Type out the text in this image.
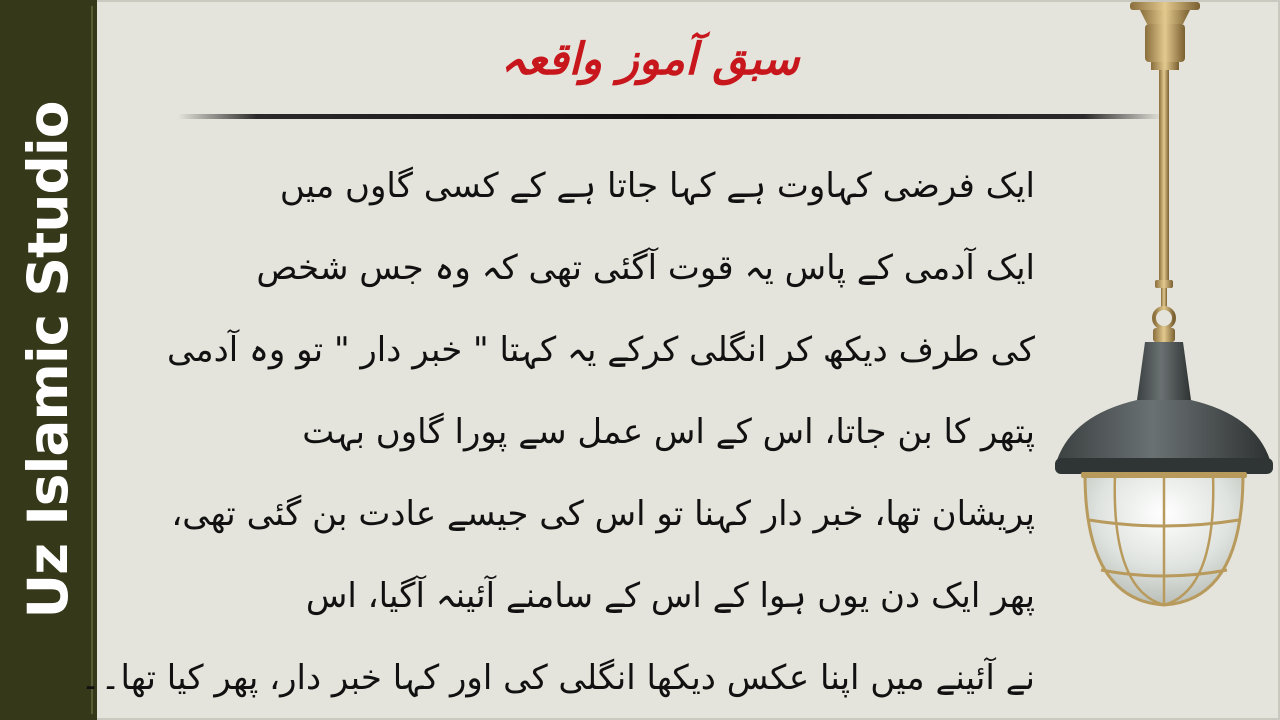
Uz Islamic Studio
سبق آموز واقعہ
ایک فرضی کہاوت ہے کہا جاتا ہے کے کسی گاوں میں
ایک آدمی کے پاس یہ قوت آگئی تھی کہ وہ جس شخص
کی طرف دیکھ کر انگلی کرکے یہ کہتا " خبر دار " تو وہ آدمی
پتھر کا بن جاتا، اس کے اس عمل سے پورا گاوں بہت
پریشان تھا، خبر دار کہنا تو اس کی جیسے عادت بن گئی تھی،
پھر ایک دن یوں ہوا کے اس کے سامنے آئینہ آگیا، اس
نے آئینے میں اپنا عکس دیکھا انگلی کی اور کہا خبر دار، پھر کیا تھا۔۔
